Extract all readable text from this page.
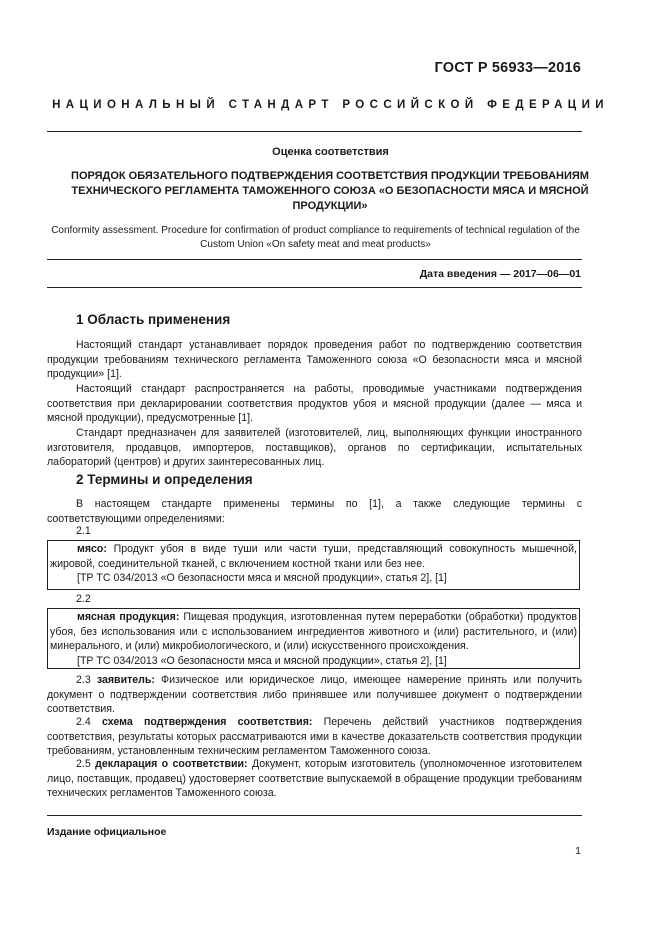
ГОСТ Р 56933—2016
НАЦИОНАЛЬНЫЙ СТАНДАРТ РОССИЙСКОЙ ФЕДЕРАЦИИ
Оценка соответствия
ПОРЯДОК ОБЯЗАТЕЛЬНОГО ПОДТВЕРЖДЕНИЯ СООТВЕТСТВИЯ ПРОДУКЦИИ ТРЕБОВАНИЯМ ТЕХНИЧЕСКОГО РЕГЛАМЕНТА ТАМОЖЕННОГО СОЮЗА «О БЕЗОПАСНОСТИ МЯСА И МЯСНОЙ ПРОДУКЦИИ»
Conformity assessment. Procedure for confirmation of product compliance to requirements of technical regulation of the Custom Union «On safety meat and meat products»
Дата введения — 2017—06—01
1 Область применения
Настоящий стандарт устанавливает порядок проведения работ по подтверждению соответствия продукции требованиям технического регламента Таможенного союза «О безопасности мяса и мясной продукции» [1].
Настоящий стандарт распространяется на работы, проводимые участниками подтверждения соответствия при декларировании соответствия продуктов убоя и мясной продукции (далее — мяса и мясной продукции), предусмотренные [1].
Стандарт предназначен для заявителей (изготовителей, лиц, выполняющих функции иностранного изготовителя, продавцов, импортеров, поставщиков), органов по сертификации, испытательных лабораторий (центров) и других заинтересованных лиц.
2 Термины и определения
В настоящем стандарте применены термины по [1], а также следующие термины с соответствующими определениями:
2.1
мясо: Продукт убоя в виде туши или части туши, представляющий совокупность мышечной, жировой, соединительной тканей, с включением костной ткани или без нее.
[ТР ТС 034/2013 «О безопасности мяса и мясной продукции», статья 2], [1]
2.2
мясная продукция: Пищевая продукция, изготовленная путем переработки (обработки) продуктов убоя, без использования или с использованием ингредиентов животного и (или) растительного, и (или) минерального, и (или) микробиологического, и (или) искусственного происхождения.
[ТР ТС 034/2013 «О безопасности мяса и мясной продукции», статья 2], [1]
2.3 заявитель: Физическое или юридическое лицо, имеющее намерение принять или получить документ о подтверждении соответствия либо принявшее или получившее документ о подтверждении соответствия.
2.4 схема подтверждения соответствия: Перечень действий участников подтверждения соответствия, результаты которых рассматриваются ими в качестве доказательств соответствия продукции требованиям, установленным техническим регламентом Таможенного союза.
2.5 декларация о соответствии: Документ, которым изготовитель (уполномоченное изготовителем лицо, поставщик, продавец) удостоверяет соответствие выпускаемой в обращение продукции требованиям технических регламентов Таможенного союза.
Издание официальное
1
